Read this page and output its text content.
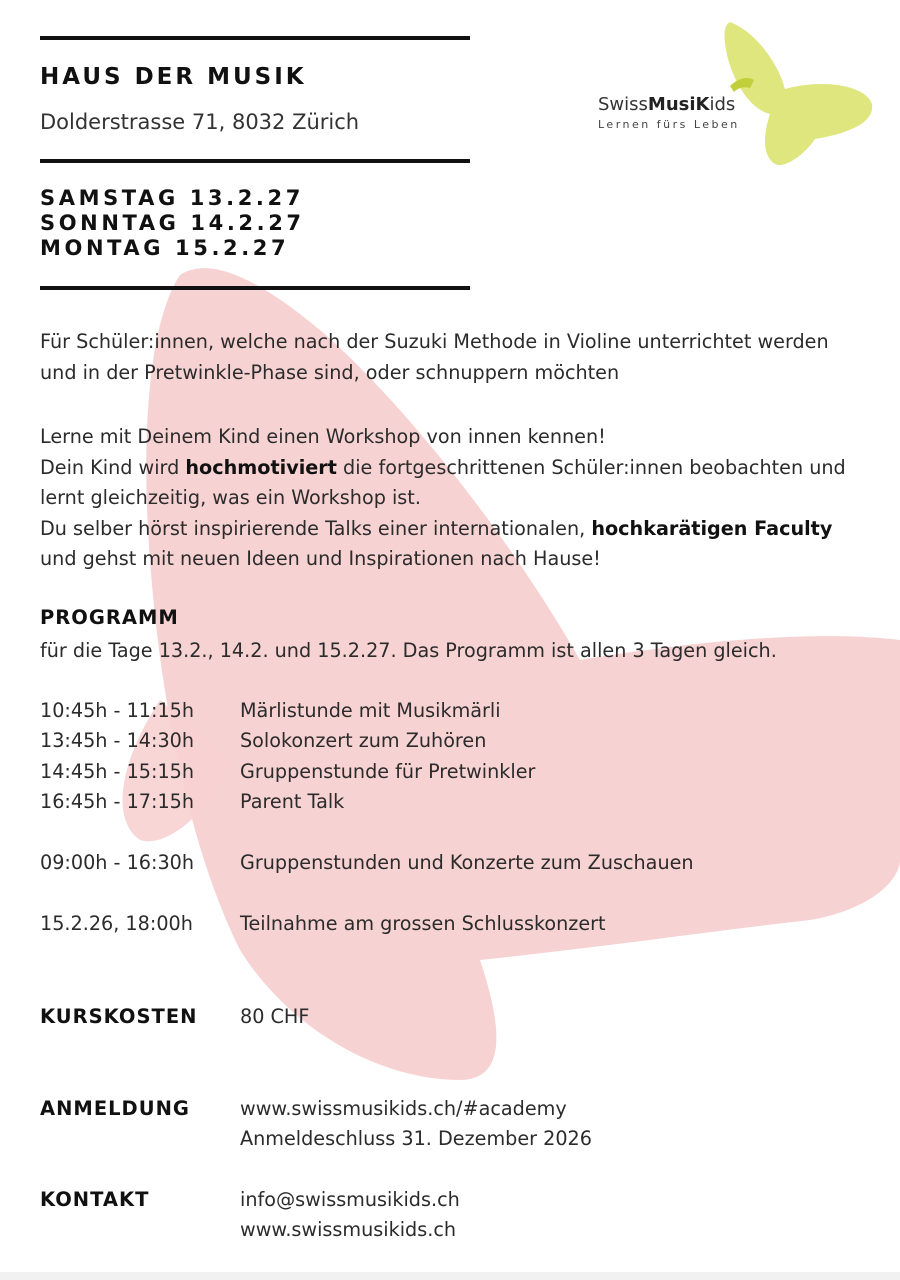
HAUS DER MUSIK
Dolderstrasse 71, 8032 Zürich
SAMSTAG 13.2.27
SONNTAG 14.2.27
MONTAG 15.2.27
SwissMusiKids
Lernen fürs Leben
Für Schüler:innen, welche nach der Suzuki Methode in Violine unterrichtet werden und in der Pretwinkle-Phase sind, oder schnuppern möchten
Lerne mit Deinem Kind einen Workshop von innen kennen!
Dein Kind wird hochmotiviert die fortgeschrittenen Schüler:innen beobachten und lernt gleichzeitig, was ein Workshop ist.
Du selber hörst inspirierende Talks einer internationalen, hochkarätigen Faculty und gehst mit neuen Ideen und Inspirationen nach Hause!
PROGRAMM
für die Tage 13.2., 14.2. und 15.2.27. Das Programm ist allen 3 Tagen gleich.
10:45h - 11:15h Märlistunde mit Musikmärli
13:45h - 14:30h Solokonzert zum Zuhören
14:45h - 15:15h Gruppenstunde für Pretwinkler
16:45h - 17:15h Parent Talk
09:00h - 16:30h Gruppenstunden und Konzerte zum Zuschauen
15.2.26, 18:00h Teilnahme am grossen Schlusskonzert
KURSKOSTEN 80 CHF
ANMELDUNG	www.swissmusikids.ch/#academy
Anmeldeschluss 31. Dezember 2026
KONTAKT	info@swissmusikids.ch
www.swissmusikids.ch
